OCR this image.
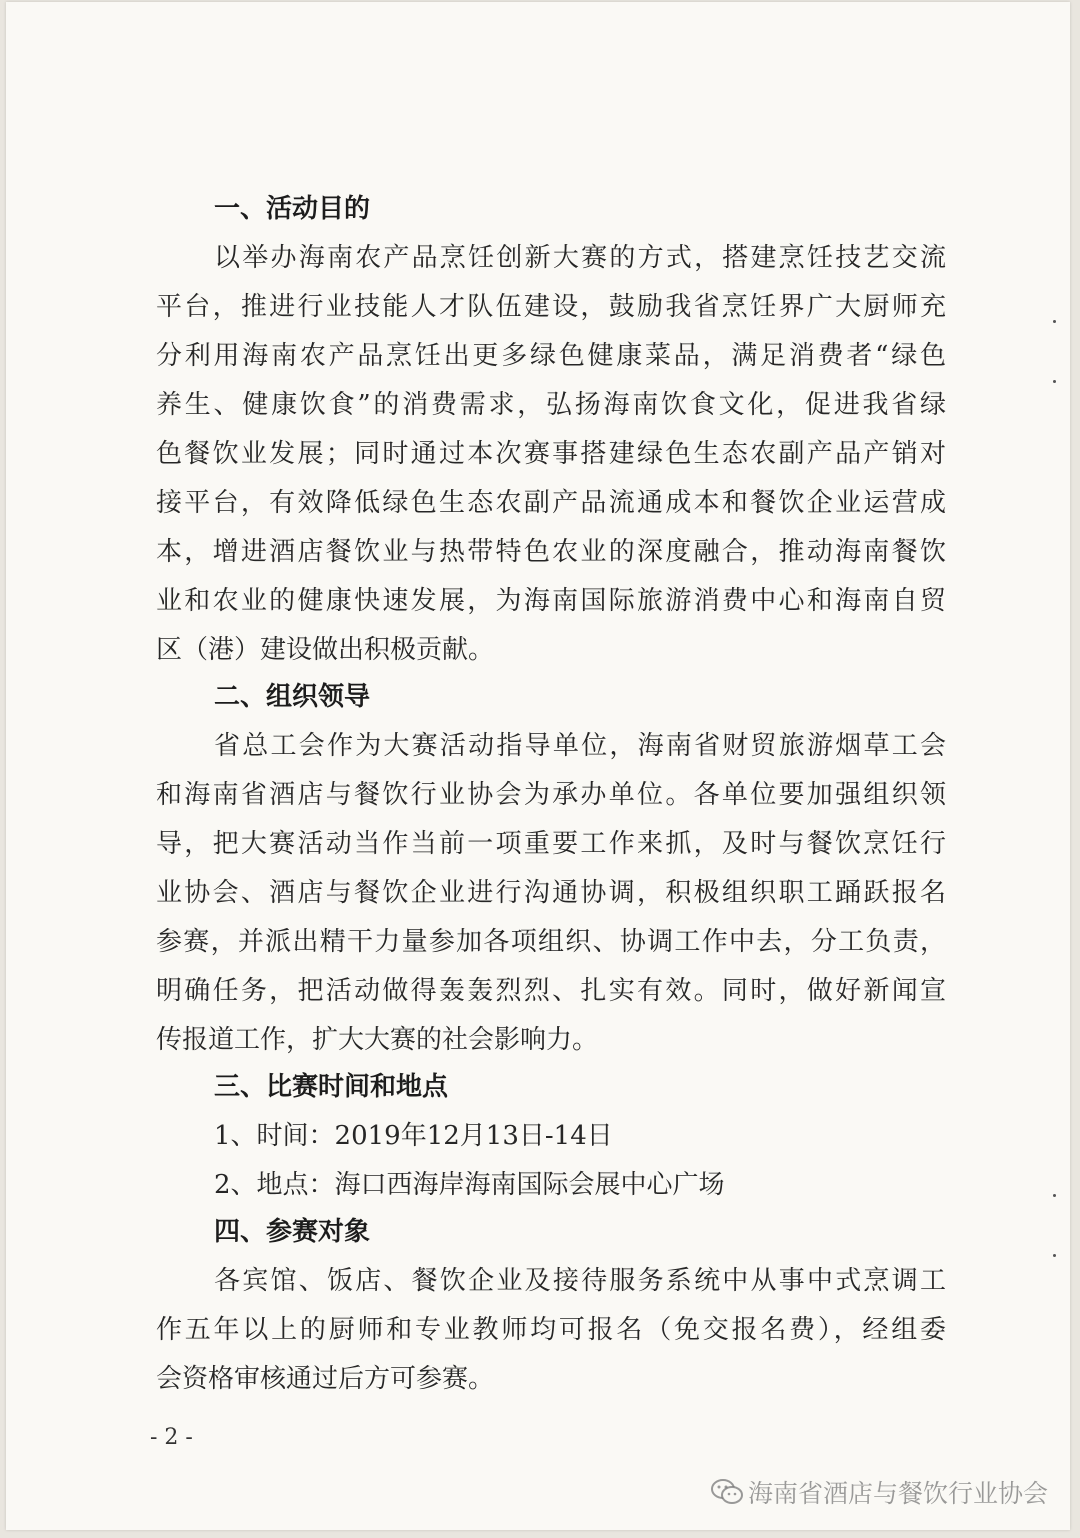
一、活动目的
以举办海南农产品烹饪创新大赛的方式，搭建烹饪技艺交流
平台，推进行业技能人才队伍建设，鼓励我省烹饪界广大厨师充
分利用海南农产品烹饪出更多绿色健康菜品，满足消费者“绿色
养生、健康饮食”的消费需求，弘扬海南饮食文化，促进我省绿
色餐饮业发展；同时通过本次赛事搭建绿色生态农副产品产销对
接平台，有效降低绿色生态农副产品流通成本和餐饮企业运营成
本，增进酒店餐饮业与热带特色农业的深度融合，推动海南餐饮
业和农业的健康快速发展，为海南国际旅游消费中心和海南自贸
区（港）建设做出积极贡献。
二、组织领导
省总工会作为大赛活动指导单位，海南省财贸旅游烟草工会
和海南省酒店与餐饮行业协会为承办单位。各单位要加强组织领
导，把大赛活动当作当前一项重要工作来抓，及时与餐饮烹饪行
业协会、酒店与餐饮企业进行沟通协调，积极组织职工踊跃报名
参赛，并派出精干力量参加各项组织、协调工作中去，分工负责，
明确任务，把活动做得轰轰烈烈、扎实有效。同时，做好新闻宣
传报道工作，扩大大赛的社会影响力。
三、比赛时间和地点
1、时间：2019年12月13日-14日
2、地点：海口西海岸海南国际会展中心广场
四、参赛对象
各宾馆、饭店、餐饮企业及接待服务系统中从事中式烹调工
作五年以上的厨师和专业教师均可报名（免交报名费），经组委
会资格审核通过后方可参赛。
- 2 -
海南省酒店与餐饮行业协会
